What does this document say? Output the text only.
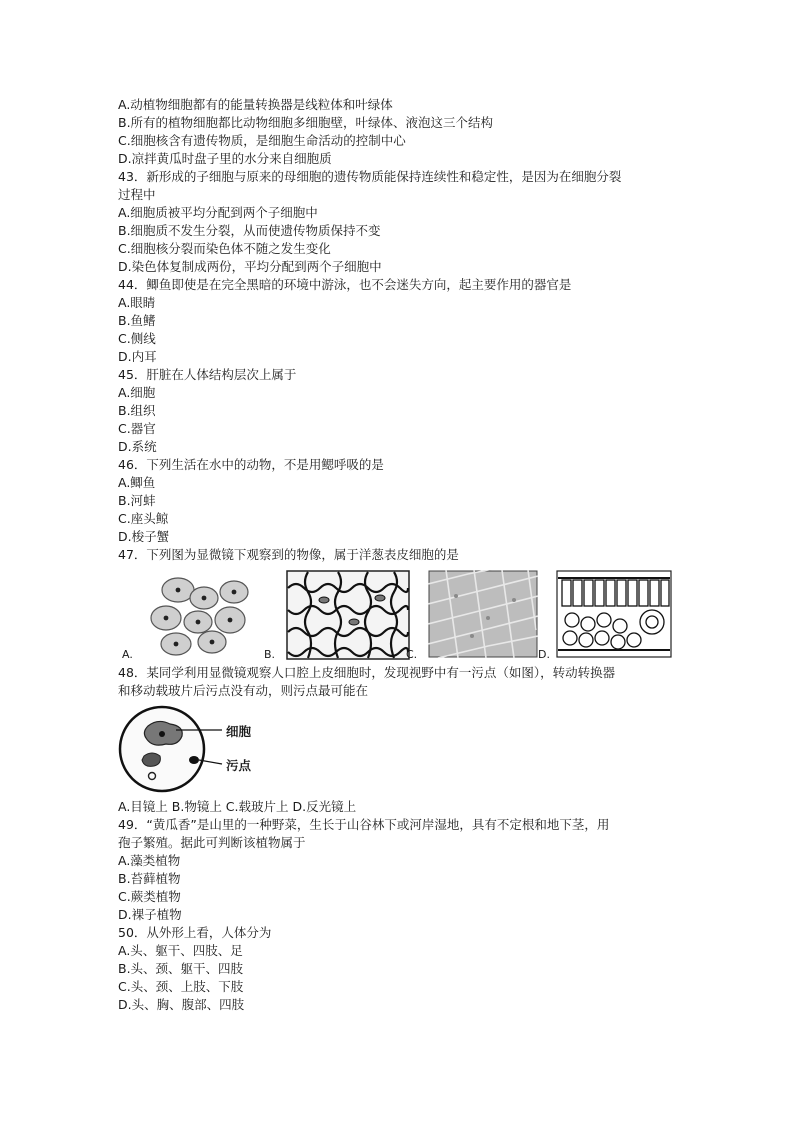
A.动植物细胞都有的能量转换器是线粒体和叶绿体
B.所有的植物细胞都比动物细胞多细胞壁，叶绿体、液泡这三个结构
C.细胞核含有遗传物质，是细胞生命活动的控制中心
D.凉拌黄瓜时盘子里的水分来自细胞质
43．新形成的子细胞与原来的母细胞的遗传物质能保持连续性和稳定性，是因为在细胞分裂
过程中
A.细胞质被平均分配到两个子细胞中
B.细胞质不发生分裂，从而使遗传物质保持不变
C.细胞核分裂而染色体不随之发生变化
D.染色体复制成两份，平均分配到两个子细胞中
44．鲫鱼即使是在完全黑暗的环境中游泳，也不会迷失方向，起主要作用的器官是
A.眼睛
B.鱼鳍
C.侧线
D.内耳
45．肝脏在人体结构层次上属于
A.细胞
B.组织
C.器官
D.系统
46．下列生活在水中的动物，不是用鳃呼吸的是
A.鲫鱼
B.河蚌
C.座头鲸
D.梭子蟹
47．下列图为显微镜下观察到的物像，属于洋葱表皮细胞的是
A.	B.	C.	D.
48．某同学利用显微镜观察人口腔上皮细胞时，发现视野中有一污点（如图），转动转换器
和移动载玻片后污点没有动，则污点最可能在
细胞
污点
A.目镜上 B.物镜上 C.载玻片上 D.反光镜上
49．“黄瓜香”是山里的一种野菜，生长于山谷林下或河岸湿地，具有不定根和地下茎，用
孢子繁殖。据此可判断该植物属于
A.藻类植物
B.苔藓植物
C.蕨类植物
D.裸子植物
50．从外形上看，人体分为
A.头、躯干、四肢、足
B.头、颈、躯干、四肢
C.头、颈、上肢、下肢
D.头、胸、腹部、四肢
